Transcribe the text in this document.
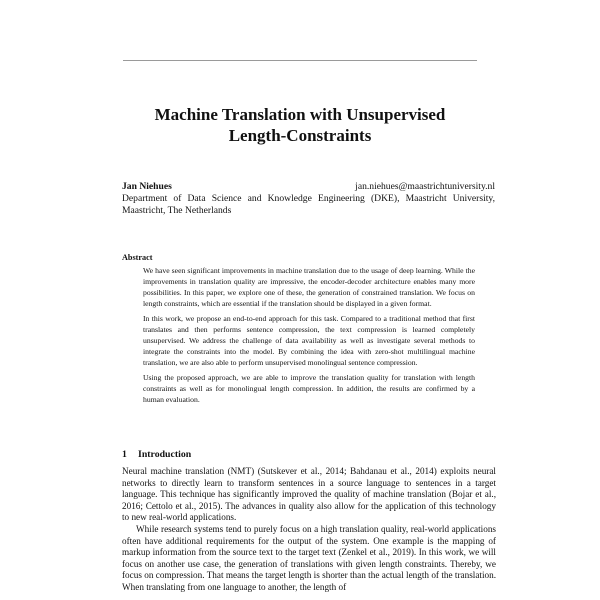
Machine Translation with Unsupervised
Length-Constraints
Jan Niehues	jan.niehues@maastrichtuniversity.nl
Department of Data Science and Knowledge Engineering (DKE), Maastricht University, Maastricht, The Netherlands
Abstract

We have seen significant improvements in machine translation due to the usage of deep learning. While the improvements in translation quality are impressive, the encoder-decoder architecture enables many more possibilities. In this paper, we explore one of these, the generation of constrained translation. We focus on length constraints, which are essential if the translation should be displayed in a given format.

In this work, we propose an end-to-end approach for this task. Compared to a traditional method that first translates and then performs sentence compression, the text compression is learned completely unsupervised. We address the challenge of data availability as well as investigate several methods to integrate the constraints into the model. By combining the idea with zero-shot multilingual machine translation, we are also able to perform unsupervised monolingual sentence compression.

Using the proposed approach, we are able to improve the translation quality for translation with length constraints as well as for monolingual length compression. In addition, the results are confirmed by a human evaluation.

1 Introduction

Neural machine translation (NMT) (Sutskever et al., 2014; Bahdanau et al., 2014) exploits neural networks to directly learn to transform sentences in a source language to sentences in a target language. This technique has significantly improved the quality of machine translation (Bojar et al., 2016; Cettolo et al., 2015). The advances in quality also allow for the application of this technology to new real-world applications.

While research systems tend to purely focus on a high translation quality, real-world applications often have additional requirements for the output of the system. One example is the mapping of markup information from the source text to the target text (Zenkel et al., 2019). In this work, we will focus on another use case, the generation of translations with given length constraints. Thereby, we focus on compression. That means the target length is shorter than the actual length of the translation. When translating from one language to another, the length of
